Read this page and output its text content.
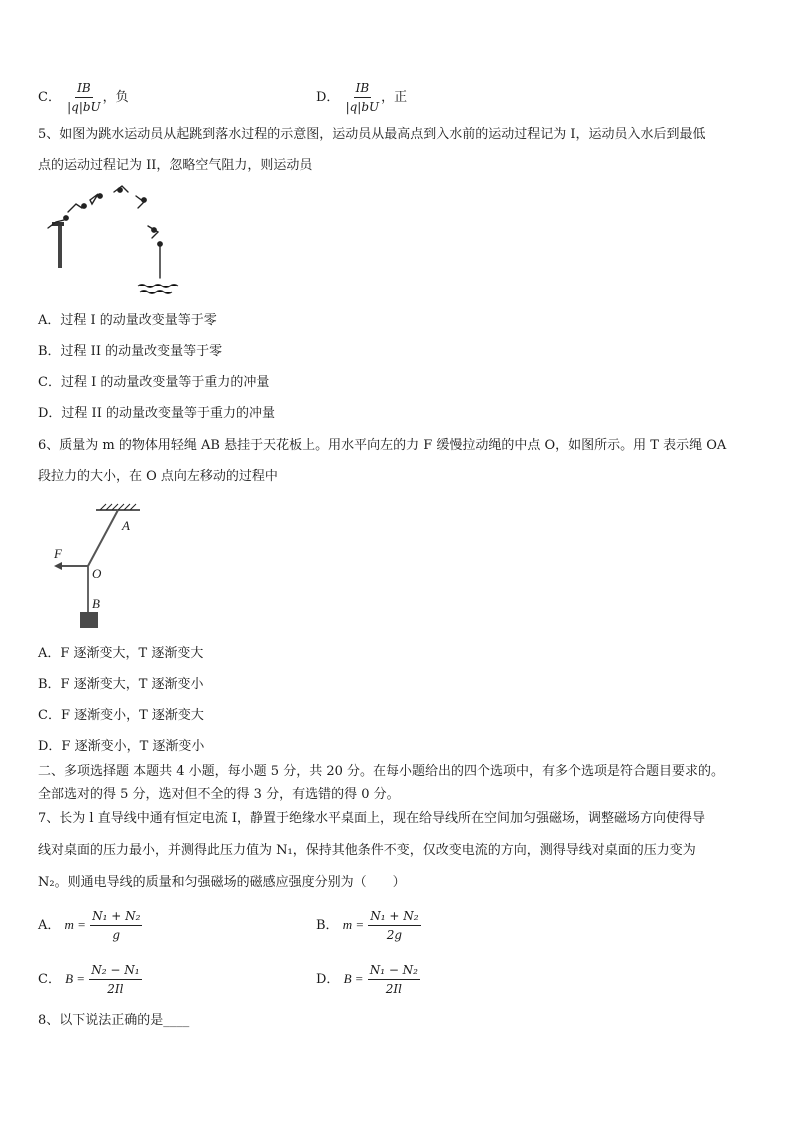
C． $\frac{IB}{|q|bU}$ ，负	D． $\frac{IB}{|q|bU}$ ，正
5、如图为跳水运动员从起跳到落水过程的示意图，运动员从最高点到入水前的运动过程记为 I，运动员入水后到最低
点的运动过程记为 II，忽略空气阻力，则运动员
A．过程 I 的动量改变量等于零
B．过程 II 的动量改变量等于零
C．过程 I 的动量改变量等于重力的冲量
D．过程 II 的动量改变量等于重力的冲量
6、质量为 m 的物体用轻绳 AB 悬挂于天花板上。用水平向左的力 F 缓慢拉动绳的中点 O，如图所示。用 T 表示绳 OA
段拉力的大小，在 O 点向左移动的过程中
A
F
O
B
A．F 逐渐变大，T 逐渐变大
B．F 逐渐变大，T 逐渐变小
C．F 逐渐变小，T 逐渐变大
D．F 逐渐变小，T 逐渐变小
二、多项选择题 本题共 4 小题，每小题 5 分，共 20 分。在每小题给出的四个选项中，有多个选项是符合题目要求的。
全部选对的得 5 分，选对但不全的得 3 分，有选错的得 0 分。
7、长为 l 直导线中通有恒定电流 I，静置于绝缘水平桌面上，现在给导线所在空间加匀强磁场，调整磁场方向使得导
线对桌面的压力最小，并测得此压力值为 N₁，保持其他条件不变，仅改变电流的方向，测得导线对桌面的压力变为
N₂。则通电导线的质量和匀强磁场的磁感应强度分别为（　　）
A． $m = \frac{\text{N₁ + N₂}}{g}$	B． $m = \frac{\text{N₁ + N₂}}{2g}$
C． $B = \frac{\text{N₂ − N₁}}{2Il}$	D． $B = \frac{\text{N₁ − N₂}}{2Il}$
8、以下说法正确的是____
